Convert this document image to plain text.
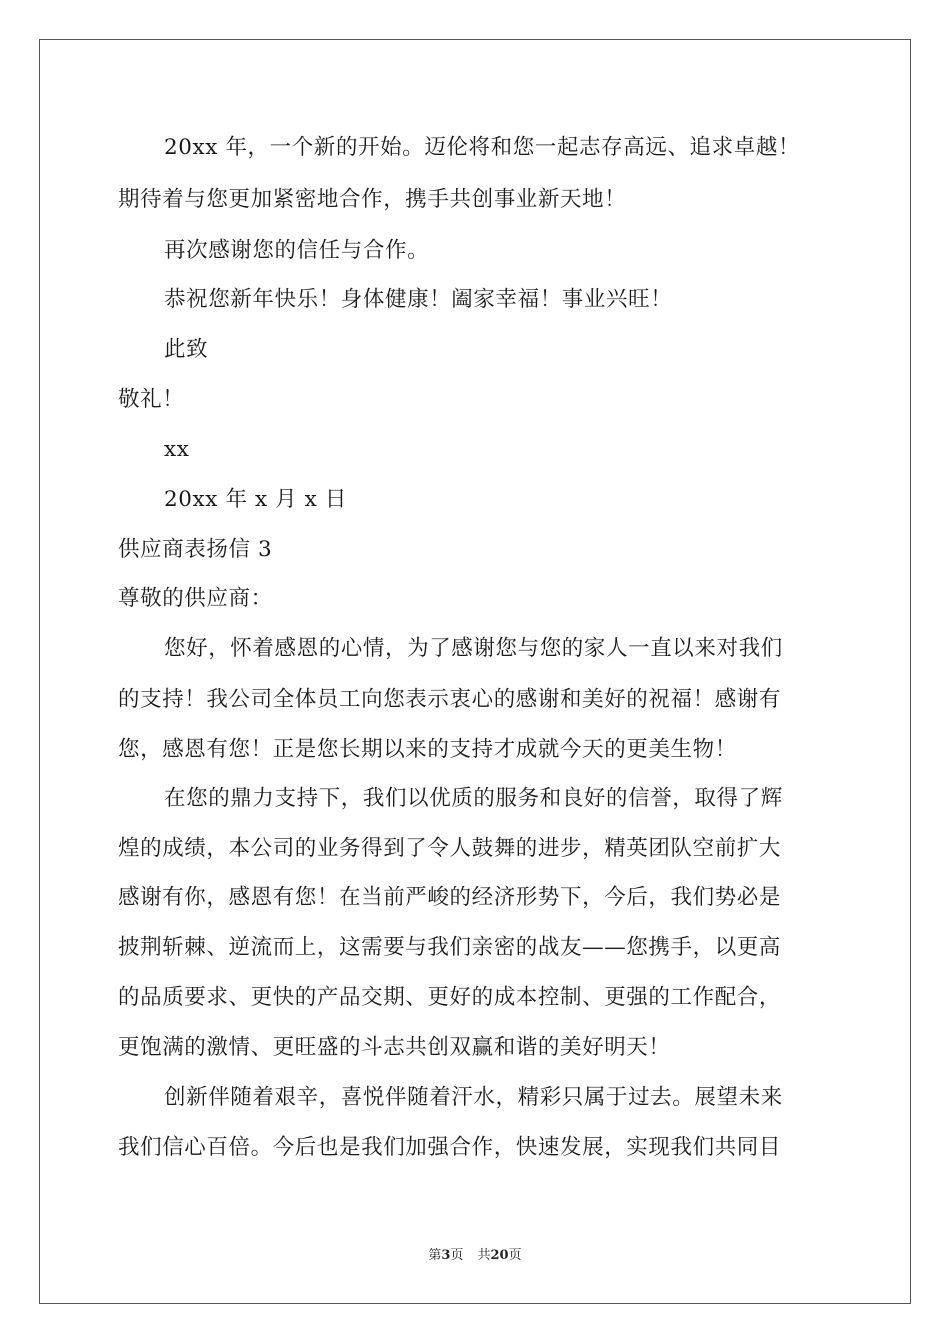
20xx 年，一个新的开始。迈伦将和您一起志存高远、追求卓越！
期待着与您更加紧密地合作，携手共创事业新天地！
再次感谢您的信任与合作。
恭祝您新年快乐！身体健康！阖家幸福！事业兴旺！
此致
敬礼！
xx
20xx 年 x 月 x 日
供应商表扬信 3
尊敬的供应商：
您好，怀着感恩的心情，为了感谢您与您的家人一直以来对我们
的支持！我公司全体员工向您表示衷心的感谢和美好的祝福！感谢有
您，感恩有您！正是您长期以来的支持才成就今天的更美生物！
在您的鼎力支持下，我们以优质的服务和良好的信誉，取得了辉
煌的成绩，本公司的业务得到了令人鼓舞的进步，精英团队空前扩大
感谢有你，感恩有您！在当前严峻的经济形势下，今后，我们势必是
披荆斩棘、逆流而上，这需要与我们亲密的战友——您携手，以更高
的品质要求、更快的产品交期、更好的成本控制、更强的工作配合，
更饱满的激情、更旺盛的斗志共创双赢和谐的美好明天！
创新伴随着艰辛，喜悦伴随着汗水，精彩只属于过去。展望未来
我们信心百倍。今后也是我们加强合作，快速发展，实现我们共同目
第3页 共20页
